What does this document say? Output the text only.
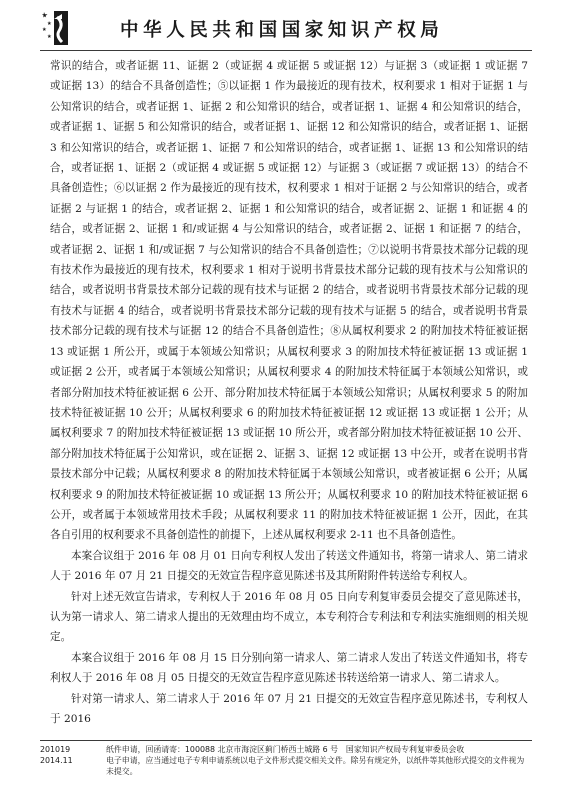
中华人民共和国国家知识产权局

常识的结合，或者证据 11、证据 2（或证据 4 或证据 5 或证据 12）与证据 3（或证据 1 或证据 7 或证据 13）的结合不具备创造性；⑤以证据 1 作为最接近的现有技术，权利要求 1 相对于证据 1 与公知常识的结合，或者证据 1、证据 2 和公知常识的结合，或者证据 1、证据 4 和公知常识的结合，或者证据 1、证据 5 和公知常识的结合，或者证据 1、证据 12 和公知常识的结合，或者证据 1、证据 3 和公知常识的结合，或者证据 1、证据 7 和公知常识的结合，或者证据 1、证据 13 和公知常识的结合，或者证据 1、证据 2（或证据 4 或证据 5 或证据 12）与证据 3（或证据 7 或证据 13）的结合不具备创造性；⑥以证据 2 作为最接近的现有技术，权利要求 1 相对于证据 2 与公知常识的结合，或者证据 2 与证据 1 的结合，或者证据 2、证据 1 和公知常识的结合，或者证据 2、证据 1 和证据 4 的结合，或者证据 2、证据 1 和/或证据 4 与公知常识的结合，或者证据 2、证据 1 和证据 7 的结合，或者证据 2、证据 1 和/或证据 7 与公知常识的结合不具备创造性；⑦以说明书背景技术部分记载的现有技术作为最接近的现有技术，权利要求 1 相对于说明书背景技术部分记载的现有技术与公知常识的结合，或者说明书背景技术部分记载的现有技术与证据 2 的结合，或者说明书背景技术部分记载的现有技术与证据 4 的结合，或者说明书背景技术部分记载的现有技术与证据 5 的结合，或者说明书背景技术部分记载的现有技术与证据 12 的结合不具备创造性；⑧从属权利要求 2 的附加技术特征被证据 13 或证据 1 所公开，或属于本领域公知常识；从属权利要求 3 的附加技术特征被证据 13 或证据 1 或证据 2 公开，或者属于本领域公知常识；从属权利要求 4 的附加技术特征属于本领域公知常识，或者部分附加技术特征被证据 6 公开、部分附加技术特征属于本领域公知常识；从属权利要求 5 的附加技术特征被证据 10 公开；从属权利要求 6 的附加技术特征被证据 12 或证据 13 或证据 1 公开；从属权利要求 7 的附加技术特征被证据 13 或证据 10 所公开，或者部分附加技术特征被证据 10 公开、部分附加技术特征属于公知常识，或在证据 2、证据 3、证据 12 或证据 13 中公开，或者在说明书背景技术部分中记载；从属权利要求 8 的附加技术特征属于本领域公知常识，或者被证据 6 公开；从属权利要求 9 的附加技术特征被证据 10 或证据 13 所公开；从属权利要求 10 的附加技术特征被证据 6 公开，或者属于本领域常用技术手段；从属权利要求 11 的附加技术特征被证据 1 公开，因此，在其各自引用的权利要求不具备创造性的前提下，上述从属权利要求 2-11 也不具备创造性。

本案合议组于 2016 年 08 月 01 日向专利权人发出了转送文件通知书，将第一请求人、第二请求人于 2016 年 07 月 21 日提交的无效宣告程序意见陈述书及其所附附件转送给专利权人。

针对上述无效宣告请求，专利权人于 2016 年 08 月 05 日向专利复审委员会提交了意见陈述书，认为第一请求人、第二请求人提出的无效理由均不成立，本专利符合专利法和专利法实施细则的相关规定。

本案合议组于 2016 年 08 月 15 日分别向第一请求人、第二请求人发出了转送文件通知书，将专利权人于 2016 年 08 月 05 日提交的无效宣告程序意见陈述书转送给第一请求人、第二请求人。

针对第一请求人、第二请求人于 2016 年 07 月 21 日提交的无效宣告程序意见陈述书，专利权人于 2016

201019
2014.11
纸件申请，回函请寄：100088 北京市海淀区蓟门桥西土城路 6 号　国家知识产权局专利复审委员会收
电子申请，应当通过电子专利申请系统以电子文件形式提交相关文件。除另有规定外，以纸件等其他形式提交的文件视为未提交。
